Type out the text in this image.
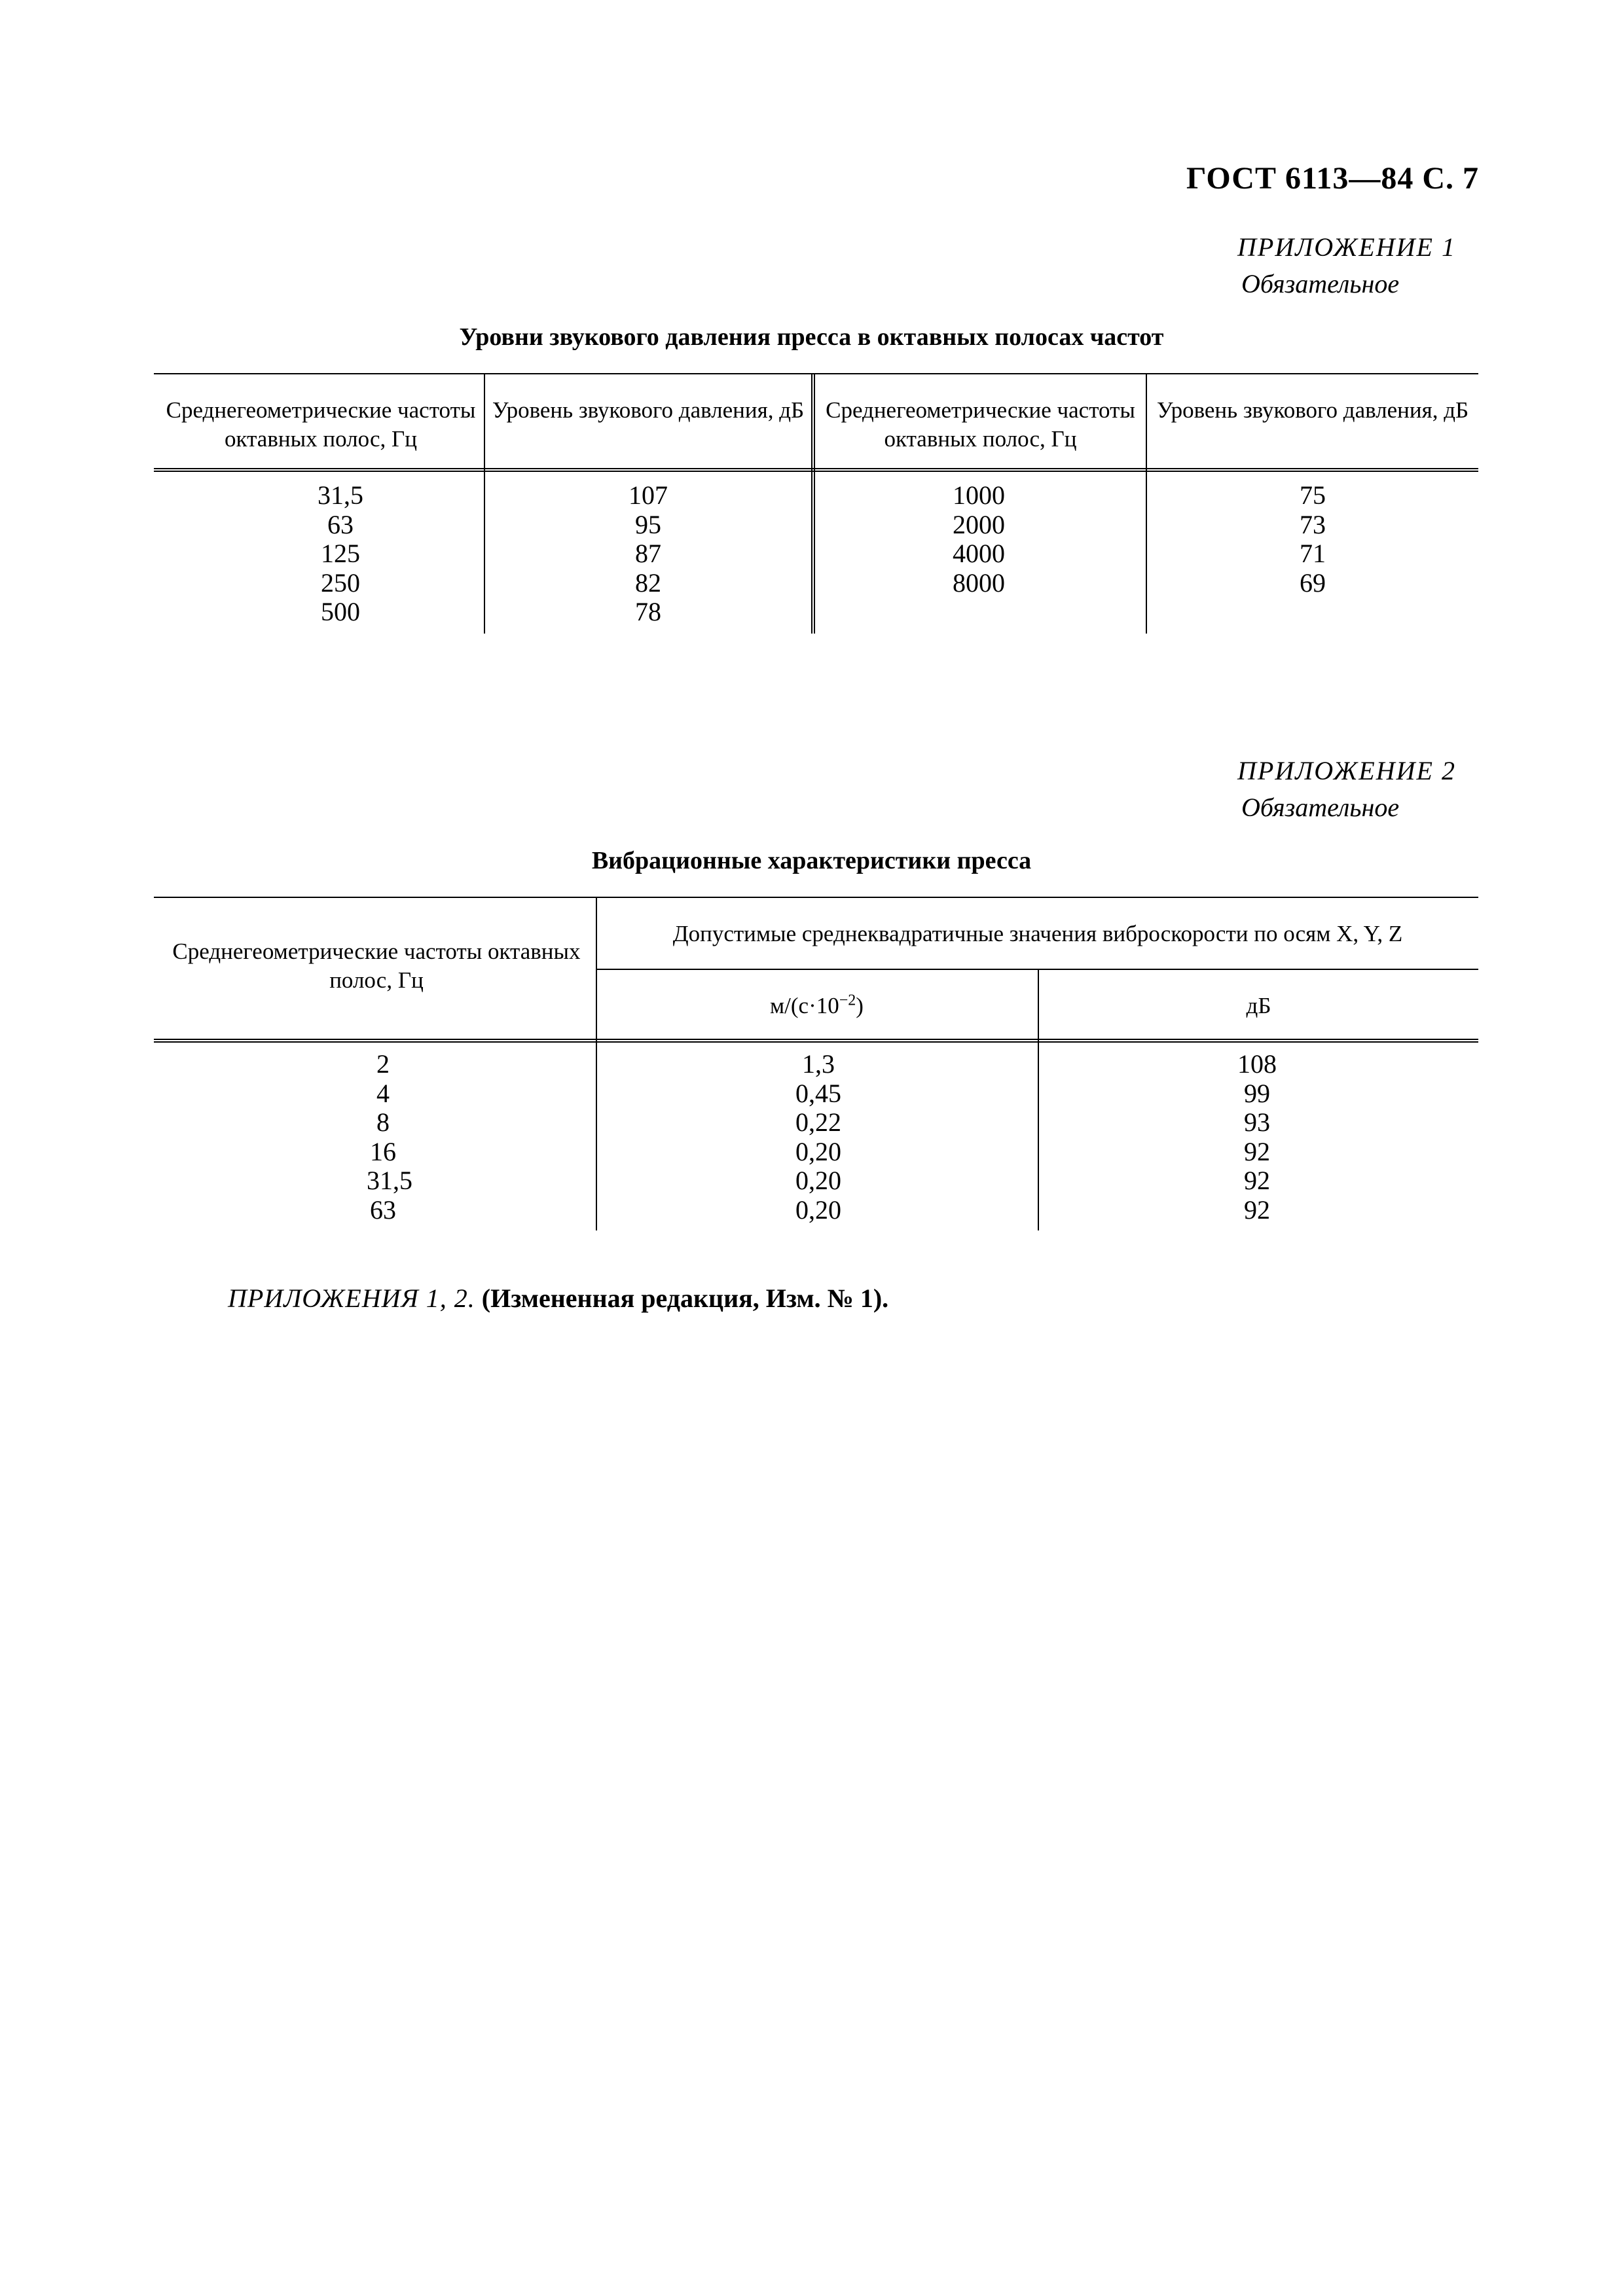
ГОСТ 6113—84 С. 7
ПРИЛОЖЕНИЕ 1
Обязательное
Уровни звукового давления пресса в октавных полосах частот
Среднегеометрические частоты октавных полос, Гц
Уровень звукового давления, дБ Среднегеометрические частоты октавных полос, Гц
Уровень звукового давления, дБ
31,5
63
125
250
500
107
95
87
82
78
1000
2000
4000
8000
75
73
71
69
ПРИЛОЖЕНИЕ 2
Обязательное
Вибрационные характеристики пресса
Среднегеометрические частоты октавных полос, Гц
Допустимые среднеквадратичные значения виброскорости по осям X, Y, Z
$м/(с\cdot 10^{-2})$	дБ
2
4
8
16
31,5
63
1,3
0,45
0,22
0,20
0,20
0,20
108
99
93
92
92
92
ПРИЛОЖЕНИЯ 1, 2. (Измененная редакция, Изм. № 1).
